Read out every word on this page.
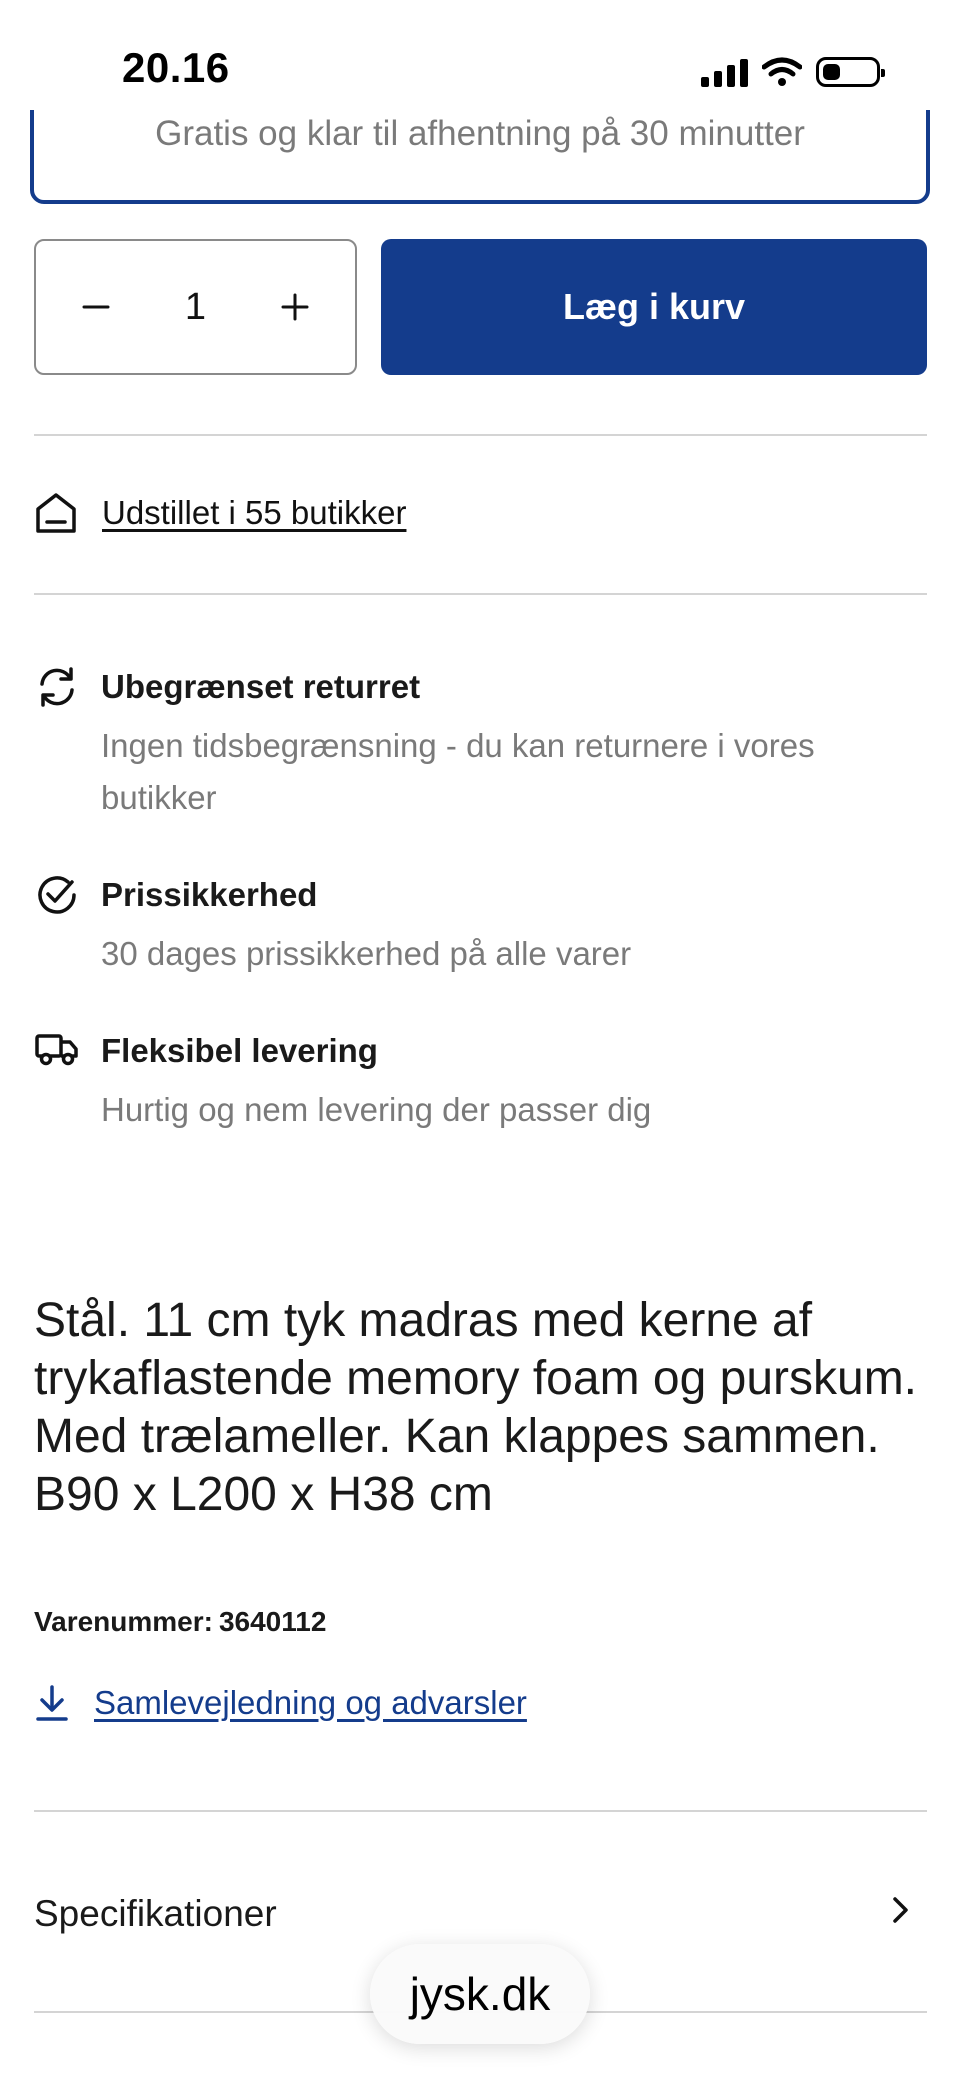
20.16
Gratis og klar til afhentning på 30 minutter
1	Læg i kurv
Udstillet i 55 butikker
Ubegrænset returret
Ingen tidsbegrænsning - du kan returnere i vores butikker
Prissikkerhed
30 dages prissikkerhed på alle varer
Fleksibel levering
Hurtig og nem levering der passer dig
Stål. 11 cm tyk madras med kerne af trykaflastende memory foam og purskum. Med trælameller. Kan klappes sammen. B90 x L200 x H38 cm
Varenummer: 3640112
Samlevejledning og advarsler
Specifikationer
jysk.dk
